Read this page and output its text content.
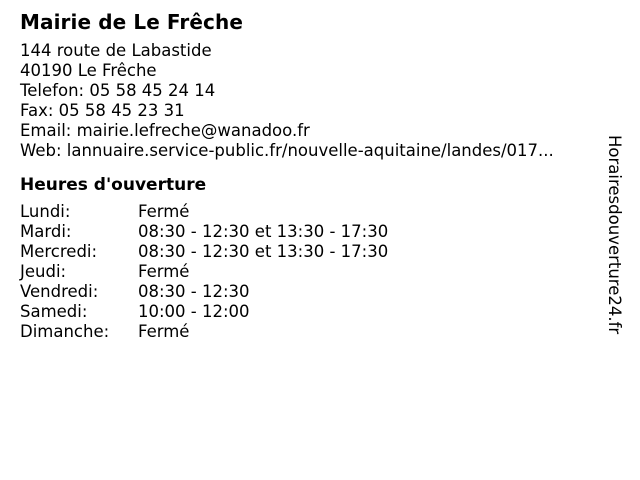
Mairie de Le Frêche
144 route de Labastide
40190 Le Frêche
Telefon: 05 58 45 24 14
Fax: 05 58 45 23 31
Email: mairie.lefreche@wanadoo.fr
Web: lannuaire.service-public.fr/nouvelle-aquitaine/landes/017...
Heures d'ouverture
Lundi:	Fermé
Mardi:	08:30 - 12:30 et 13:30 - 17:30
Mercredi:	08:30 - 12:30 et 13:30 - 17:30
Jeudi:	Fermé
Vendredi:	08:30 - 12:30
Samedi:	10:00 - 12:00
Dimanche:	Fermé	Horairesdouverture24.fr
